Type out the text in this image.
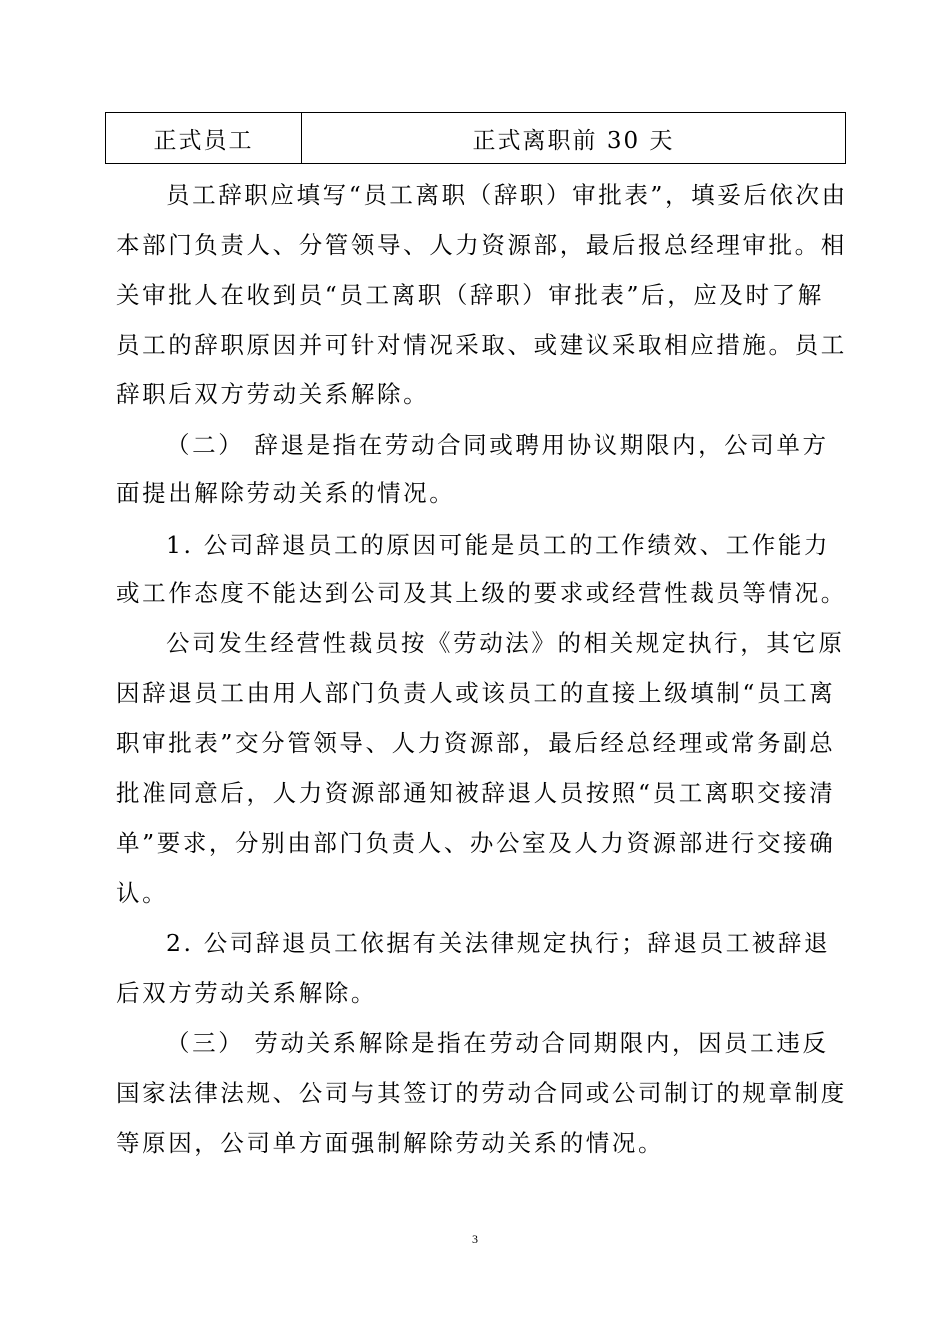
正式员工	正式离职前 30 天
员工辞职应填写“员工离职（辞职）审批表”，填妥后依次由
本部门负责人、分管领导、人力资源部，最后报总经理审批。相
关审批人在收到员“员工离职（辞职）审批表”后，应及时了解
员工的辞职原因并可针对情况采取、或建议采取相应措施。员工
辞职后双方劳动关系解除。
（二） 辞退是指在劳动合同或聘用协议期限内，公司单方
面提出解除劳动关系的情况。
1. 公司辞退员工的原因可能是员工的工作绩效、工作能力
或工作态度不能达到公司及其上级的要求或经营性裁员等情况。
公司发生经营性裁员按《劳动法》的相关规定执行，其它原
因辞退员工由用人部门负责人或该员工的直接上级填制“员工离
职审批表”交分管领导、人力资源部，最后经总经理或常务副总
批准同意后，人力资源部通知被辞退人员按照“员工离职交接清
单”要求，分别由部门负责人、办公室及人力资源部进行交接确
认。
2. 公司辞退员工依据有关法律规定执行；辞退员工被辞退
后双方劳动关系解除。
（三） 劳动关系解除是指在劳动合同期限内，因员工违反
国家法律法规、公司与其签订的劳动合同或公司制订的规章制度
等原因，公司单方面强制解除劳动关系的情况。
3
